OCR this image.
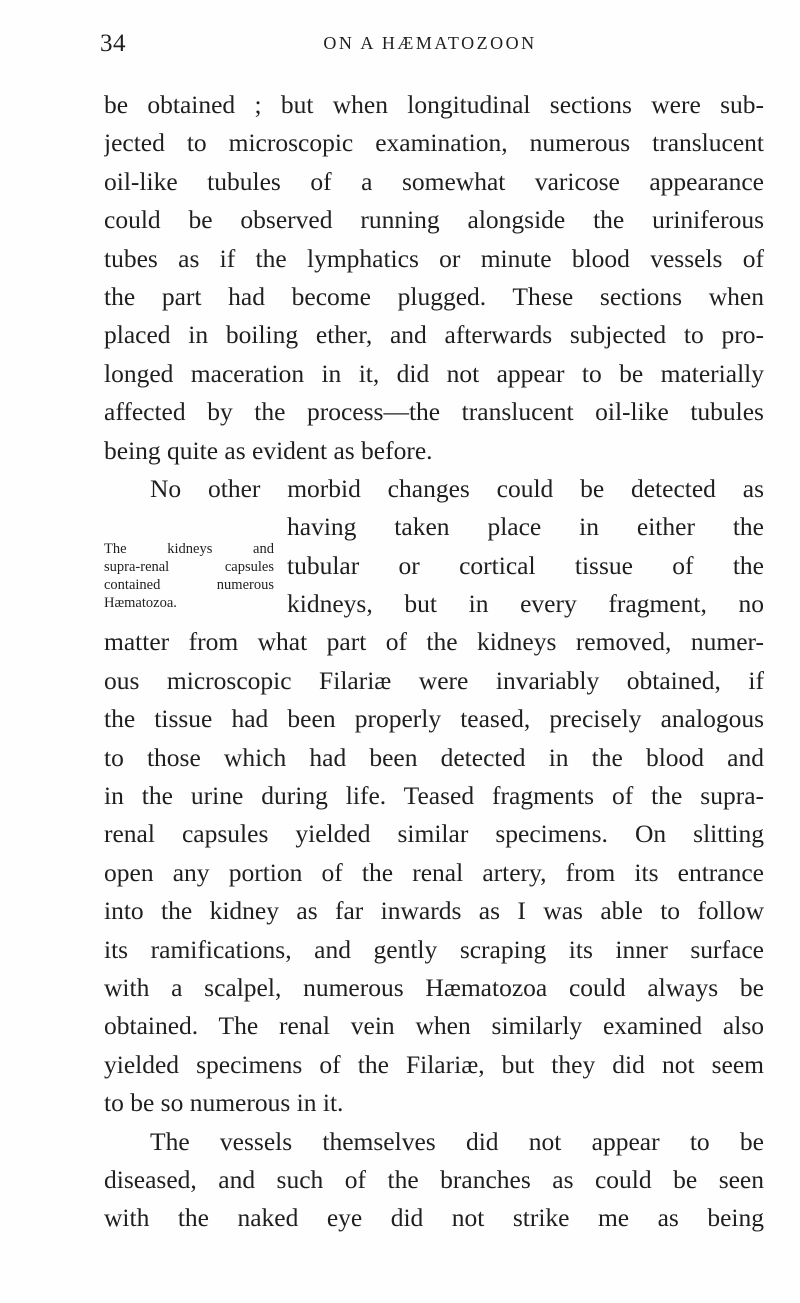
34	ON A HÆMATOZOON
The kidneys and
supra-renal capsules
contained numerous
Hæmatozoa.
be obtained ; but when longitudinal sections were sub-
jected to microscopic examination, numerous translucent
oil-like tubules of a somewhat varicose appearance
could be observed running alongside the uriniferous
tubes as if the lymphatics or minute blood vessels of
the part had become plugged. These sections when
placed in boiling ether, and afterwards subjected to pro-
longed maceration in it, did not appear to be materially
affected by the process—the translucent oil-like tubules
being quite as evident as before.
No other morbid changes could be detected as
having taken place in either the
tubular or cortical tissue of the
kidneys, but in every fragment, no
matter from what part of the kidneys removed, numer-
ous microscopic Filariæ were invariably obtained, if
the tissue had been properly teased, precisely analogous
to those which had been detected in the blood and
in the urine during life. Teased fragments of the supra-
renal capsules yielded similar specimens. On slitting
open any portion of the renal artery, from its entrance
into the kidney as far inwards as I was able to follow
its ramifications, and gently scraping its inner surface
with a scalpel, numerous Hæmatozoa could always be
obtained. The renal vein when similarly examined also
yielded specimens of the Filariæ, but they did not seem
to be so numerous in it.
The vessels themselves did not appear to be
diseased, and such of the branches as could be seen
with the naked eye did not strike me as being
